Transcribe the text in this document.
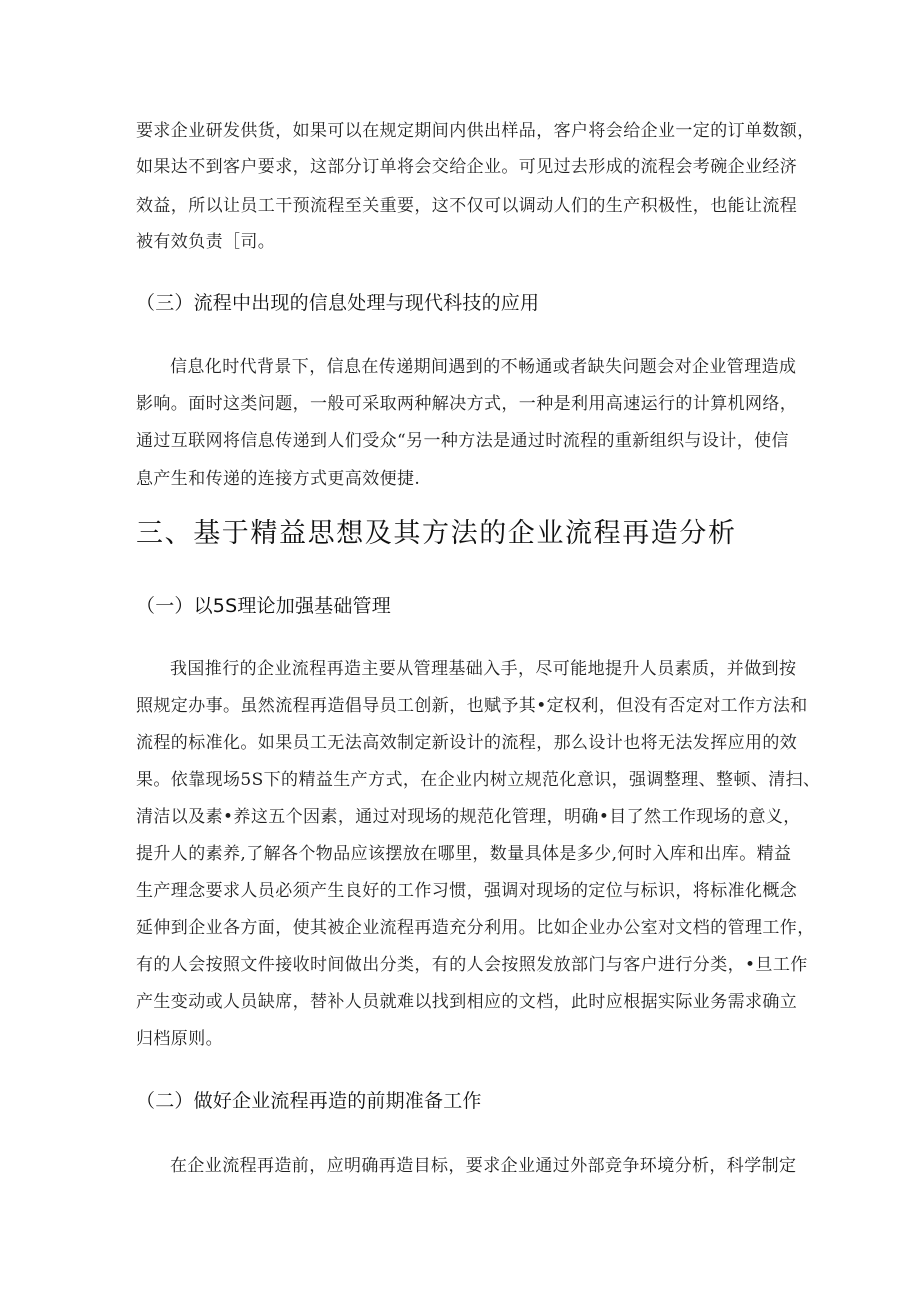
要求企业研发供货，如果可以在规定期间内供出样品，客户将会给企业一定的订单数额，
如果达不到客户要求，这部分订单将会交给企业。可见过去形成的流程会考碗企业经济
效益，所以让员工干预流程至关重要，这不仅可以调动人们的生产积极性，也能让流程
被有效负责［司。
（三）流程中出现的信息处理与现代科技的应用
信息化时代背景下，信息在传递期间遇到的不畅通或者缺失问题会对企业管理造成
影响。面时这类问题，一般可采取两种解决方式，一种是利用高速运行的计算机网络，
通过互联网将信息传递到人们受众“另一种方法是通过时流程的重新组织与设计，使信
息产生和传递的连接方式更高效便捷.
三、基于精益思想及其方法的企业流程再造分析
（一）以5S理论加强基础管理
我国推行的企业流程再造主要从管理基础入手，尽可能地提升人员素质，并做到按
照规定办事。虽然流程再造倡导员工创新，也赋予其•定权利，但没有否定对工作方法和
流程的标准化。如果员工无法高效制定新设计的流程，那么设计也将无法发挥应用的效
果。依靠现场5S下的精益生产方式，在企业内树立规范化意识，强调整理、整顿、清扫、
清洁以及素•养这五个因素，通过对现场的规范化管理，明确•目了然工作现场的意义，
提升人的素养,了解各个物品应该摆放在哪里，数量具体是多少,何时入库和出库。精益
生产理念要求人员必须产生良好的工作习惯，强调对现场的定位与标识，将标准化概念
延伸到企业各方面，使其被企业流程再造充分利用。比如企业办公室对文档的管理工作，
有的人会按照文件接收时间做出分类，有的人会按照发放部门与客户进行分类，•旦工作
产生变动或人员缺席，替补人员就难以找到相应的文档，此时应根据实际业务需求确立
归档原则。
（二）做好企业流程再造的前期准备工作
在企业流程再造前，应明确再造目标，要求企业通过外部竞争环境分析，科学制定
